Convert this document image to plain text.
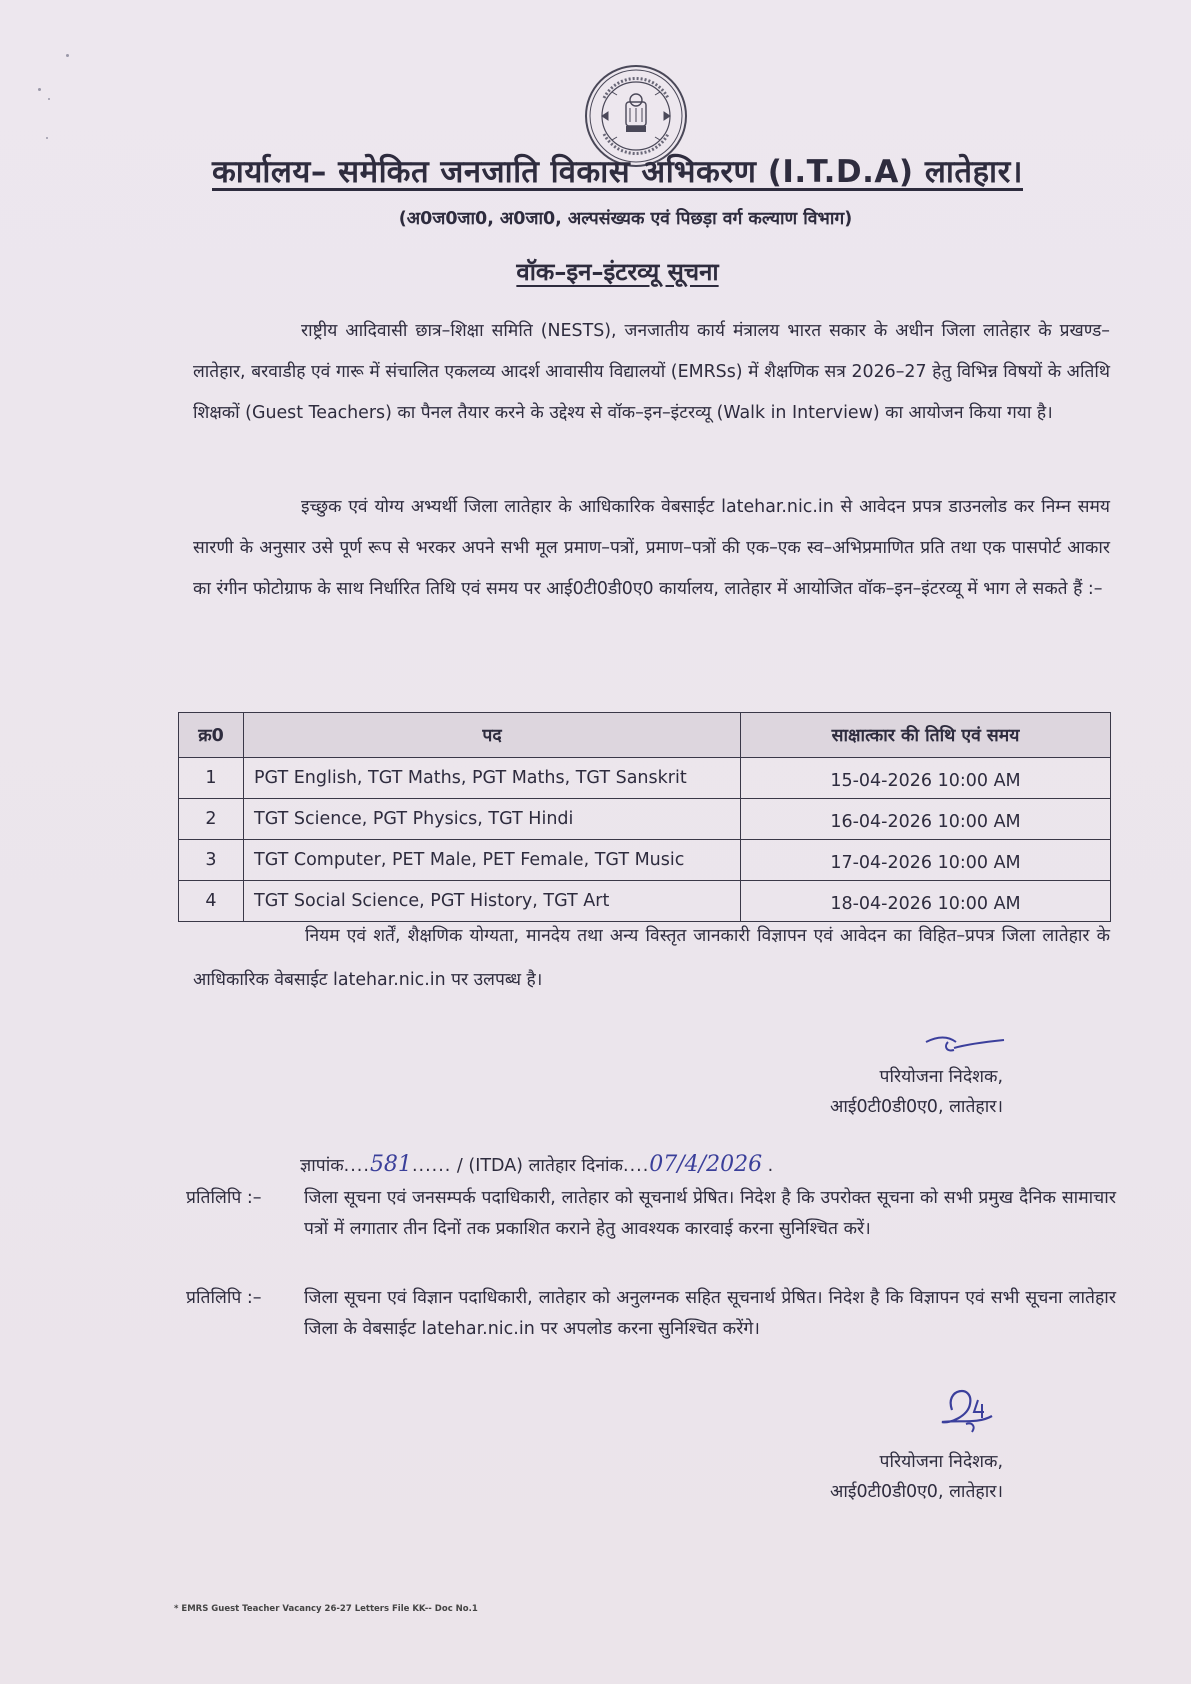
कार्यालय– समेकित जनजाति विकास अभिकरण (I.T.D.A) लातेहार।
(अ0ज0जा0, अ0जा0, अल्पसंख्यक एवं पिछड़ा वर्ग कल्याण विभाग)
वॉक–इन–इंटरव्यू सूचना
राष्ट्रीय आदिवासी छात्र–शिक्षा समिति (NESTS), जनजातीय कार्य मंत्रालय भारत सकार के अधीन जिला लातेहार के प्रखण्ड–लातेहार, बरवाडीह एवं गारू में संचालित एकलव्य आदर्श आवासीय विद्यालयों (EMRSs) में शैक्षणिक सत्र 2026–27 हेतु विभिन्न विषयों के अतिथि शिक्षकों (Guest Teachers) का पैनल तैयार करने के उद्देश्य से वॉक–इन–इंटरव्यू (Walk in Interview) का आयोजन किया गया है।
इच्छुक एवं योग्य अभ्यर्थी जिला लातेहार के आधिकारिक वेबसाईट latehar.nic.in से आवेदन प्रपत्र डाउनलोड कर निम्न समय सारणी के अनुसार उसे पूर्ण रूप से भरकर अपने सभी मूल प्रमाण–पत्रों, प्रमाण–पत्रों की एक–एक स्व–अभिप्रमाणित प्रति तथा एक पासपोर्ट आकार का रंगीन फोटोग्राफ के साथ निर्धारित तिथि एवं समय पर आई0टी0डी0ए0 कार्यालय, लातेहार में आयोजित वॉक–इन–इंटरव्यू में भाग ले सकते हैं :–
क्र0	पद	साक्षात्कार की तिथि एवं समय
1	PGT English, TGT Maths, PGT Maths, TGT Sanskrit	15-04-2026 10:00 AM
2	TGT Science, PGT Physics, TGT Hindi	16-04-2026 10:00 AM
3	TGT Computer, PET Male, PET Female, TGT Music	17-04-2026 10:00 AM
4	TGT Social Science, PGT History, TGT Art	18-04-2026 10:00 AM
नियम एवं शर्तें, शैक्षणिक योग्यता, मानदेय तथा अन्य विस्तृत जानकारी विज्ञापन एवं आवेदन का विहित–प्रपत्र जिला लातेहार के आधिकारिक वेबसाईट latehar.nic.in पर उलपब्ध है।
परियोजना निदेशक,
आई0टी0डी0ए0, लातेहार।
ज्ञापांक....581...... / (ITDA) लातेहार दिनांक....07/4/2026 .
प्रतिलिपि :–	जिला सूचना एवं जनसम्पर्क पदाधिकारी, लातेहार को सूचनार्थ प्रेषित। निदेश है कि उपरोक्त सूचना को सभी प्रमुख दैनिक सामाचार पत्रों में लगातार तीन दिनों तक प्रकाशित कराने हेतु आवश्यक कारवाई करना सुनिश्चित करें।
प्रतिलिपि :–	जिला सूचना एवं विज्ञान पदाधिकारी, लातेहार को अनुलग्नक सहित सूचनार्थ प्रेषित। निदेश है कि विज्ञापन एवं सभी सूचना लातेहार जिला के वेबसाईट latehar.nic.in पर अपलोड करना सुनिश्चित करेंगे।
परियोजना निदेशक,
आई0टी0डी0ए0, लातेहार।
* EMRS Guest Teacher Vacancy 26-27 Letters File KK-- Doc No.1
